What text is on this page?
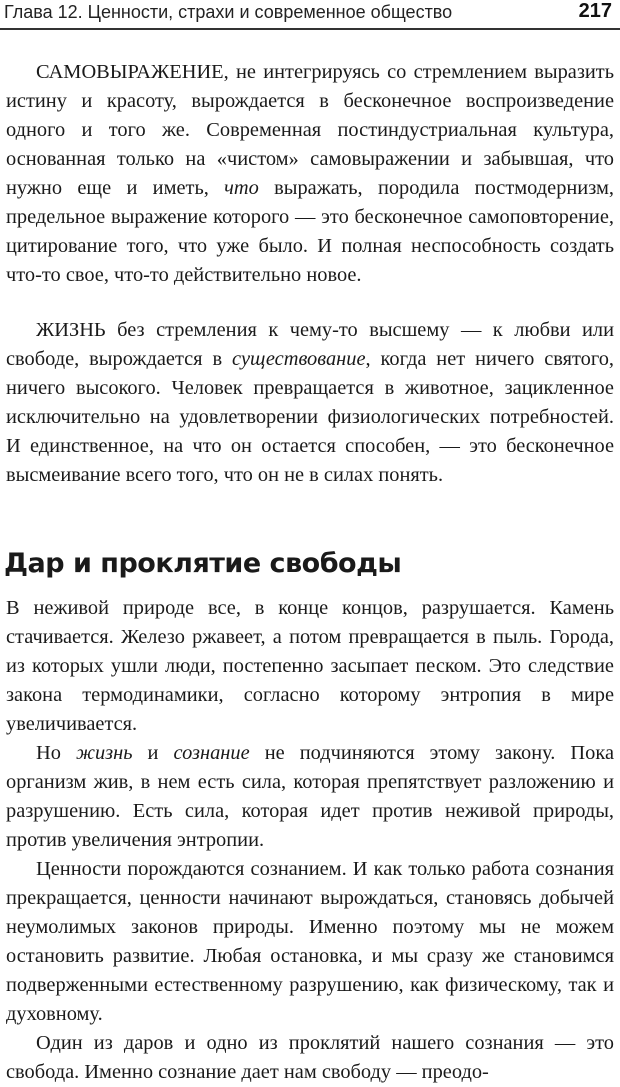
Глава 12. Ценности, страхи и современное общество	217

САМОВЫРАЖЕНИЕ, не интегрируясь со стремлением выразить истину и красоту, вырождается в бесконечное воспроизведение одного и того же. Современная постиндустриальная культура, основанная только на «чистом» самовыражении и забывшая, что нужно еще и иметь, что выражать, породила постмодернизм, предельное выражение которого — это бесконечное самоповторение, цитирование того, что уже было. И полная неспособность создать что-то свое, что-то действительно новое.

ЖИЗНЬ без стремления к чему-то высшему — к любви или свободе, вырождается в существование, когда нет ничего святого, ничего высокого. Человек превращается в животное, зацикленное исключительно на удовлетворении физиологических потребностей. И единственное, на что он остается способен, — это бесконечное высмеивание всего того, что он не в силах понять.

Дар и проклятие свободы

В неживой природе все, в конце концов, разрушается. Камень стачивается. Железо ржавеет, а потом превращается в пыль. Города, из которых ушли люди, постепенно засыпает песком. Это следствие закона термодинамики, согласно которому энтропия в мире увеличивается.

Но жизнь и сознание не подчиняются этому закону. Пока организм жив, в нем есть сила, которая препятствует разложению и разрушению. Есть сила, которая идет против неживой природы, против увеличения энтропии.

Ценности порождаются сознанием. И как только работа сознания прекращается, ценности начинают вырождаться, становясь добычей неумолимых законов природы. Именно поэтому мы не можем остановить развитие. Любая остановка, и мы сразу же становимся подверженными естественному разрушению, как физическому, так и духовному.

Один из даров и одно из проклятий нашего сознания — это свобода. Именно сознание дает нам свободу — преодо-
